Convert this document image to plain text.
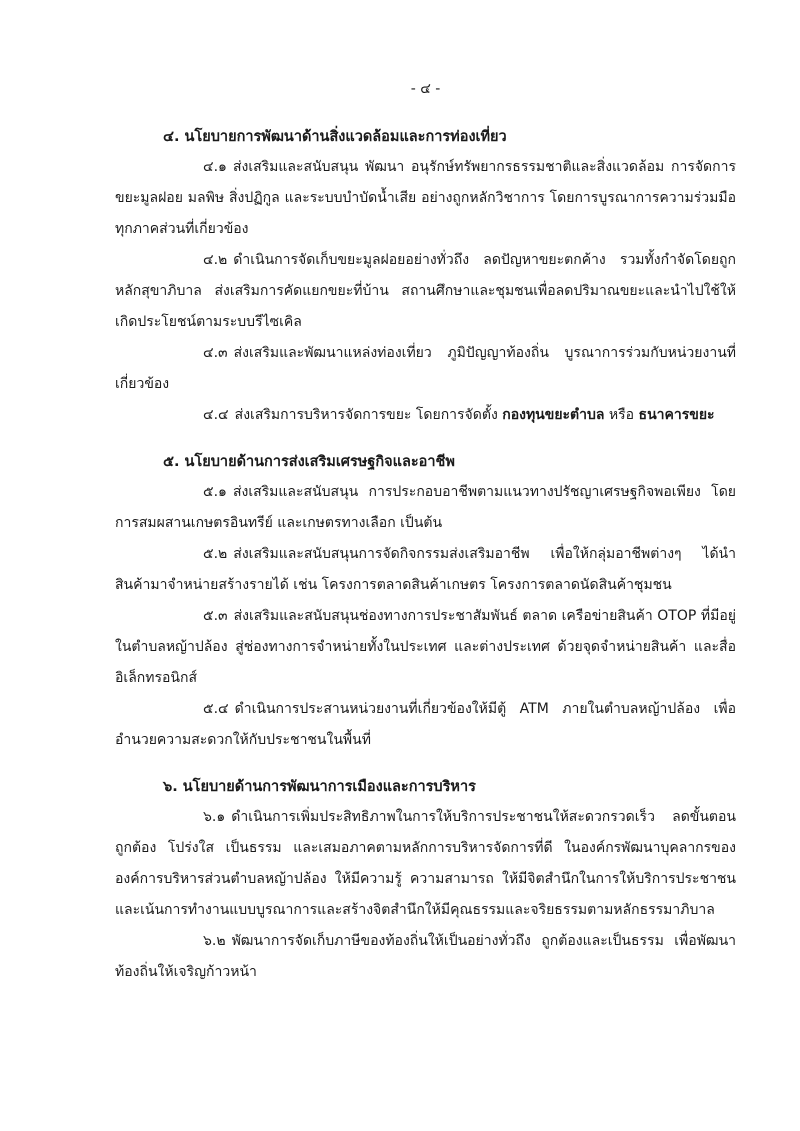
- ๔ -

๔. นโยบายการพัฒนาด้านสิ่งแวดล้อมและการท่องเที่ยว

๔.๑ ส่งเสริมและสนับสนุน พัฒนา อนุรักษ์ทรัพยากรธรรมชาติและสิ่งแวดล้อม การจัดการขยะมูลฝอย มลพิษ สิ่งปฏิกูล และระบบบำบัดน้ำเสีย อย่างถูกหลักวิชาการ โดยการบูรณาการความร่วมมือทุกภาคส่วนที่เกี่ยวข้อง

๔.๒ ดำเนินการจัดเก็บขยะมูลฝอยอย่างทั่วถึง ลดปัญหาขยะตกค้าง รวมทั้งกำจัดโดยถูกหลักสุขาภิบาล ส่งเสริมการคัดแยกขยะที่บ้าน สถานศึกษาและชุมชนเพื่อลดปริมาณขยะและนำไปใช้ให้เกิดประโยชน์ตามระบบรีไซเคิล

๔.๓ ส่งเสริมและพัฒนาแหล่งท่องเที่ยว ภูมิปัญญาท้องถิ่น บูรณาการร่วมกับหน่วยงานที่เกี่ยวข้อง

๔.๔ ส่งเสริมการบริหารจัดการขยะ โดยการจัดตั้ง กองทุนขยะตำบล หรือ ธนาคารขยะ

๕. นโยบายด้านการส่งเสริมเศรษฐกิจและอาชีพ

๕.๑ ส่งเสริมและสนับสนุน การประกอบอาชีพตามแนวทางปรัชญาเศรษฐกิจพอเพียง โดยการสมผสานเกษตรอินทรีย์ และเกษตรทางเลือก เป็นต้น

๕.๒ ส่งเสริมและสนับสนุนการจัดกิจกรรมส่งเสริมอาชีพ เพื่อให้กลุ่มอาชีพต่างๆ ได้นำสินค้ามาจำหน่ายสร้างรายได้ เช่น โครงการตลาดสินค้าเกษตร โครงการตลาดนัดสินค้าชุมชน

๕.๓ ส่งเสริมและสนับสนุนช่องทางการประชาสัมพันธ์ ตลาด เครือข่ายสินค้า OTOP ที่มีอยู่ในตำบลหญ้าปล้อง สู่ช่องทางการจำหน่ายทั้งในประเทศ และต่างประเทศ ด้วยจุดจำหน่ายสินค้า และสื่ออิเล็กทรอนิกส์

๕.๔ ดำเนินการประสานหน่วยงานที่เกี่ยวข้องให้มีตู้ ATM ภายในตำบลหญ้าปล้อง เพื่ออำนวยความสะดวกให้กับประชาชนในพื้นที่

๖. นโยบายด้านการพัฒนาการเมืองและการบริหาร

๖.๑ ดำเนินการเพิ่มประสิทธิภาพในการให้บริการประชาชนให้สะดวกรวดเร็ว ลดขั้นตอน ถูกต้อง โปร่งใส เป็นธรรม และเสมอภาคตามหลักการบริหารจัดการที่ดี ในองค์กรพัฒนาบุคลากรขององค์การบริหารส่วนตำบลหญ้าปล้อง ให้มีความรู้ ความสามารถ ให้มีจิตสำนึกในการให้บริการประชาชน และเน้นการทำงานแบบบูรณาการและสร้างจิตสำนึกให้มีคุณธรรมและจริยธรรมตามหลักธรรมาภิบาล

๖.๒ พัฒนาการจัดเก็บภาษีของท้องถิ่นให้เป็นอย่างทั่วถึง ถูกต้องและเป็นธรรม เพื่อพัฒนาท้องถิ่นให้เจริญก้าวหน้า
